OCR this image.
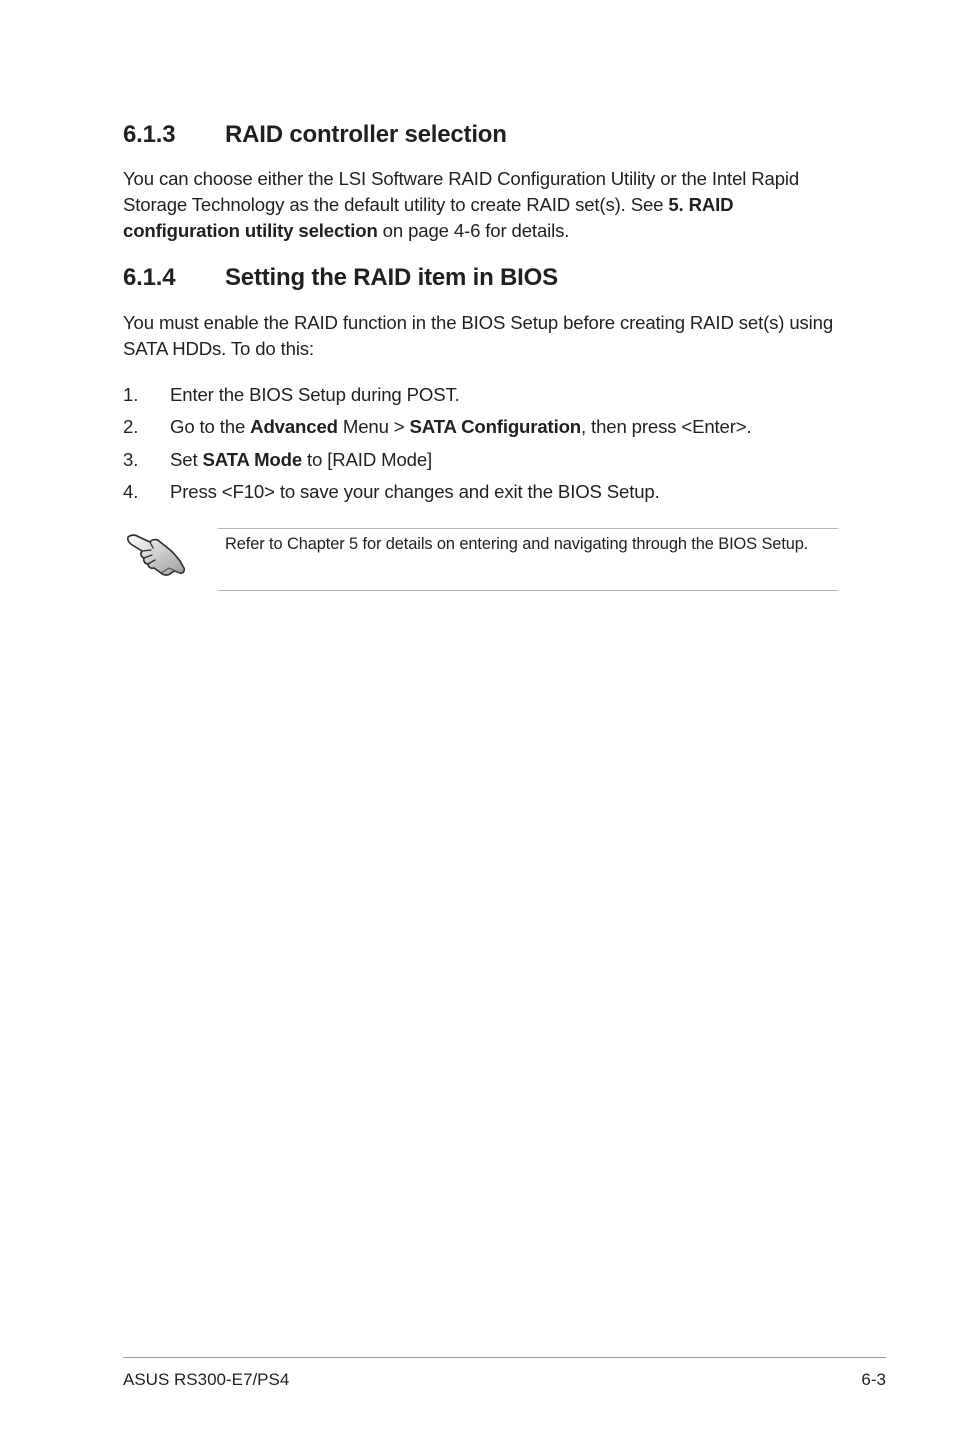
6.1.3 RAID controller selection
You can choose either the LSI Software RAID Configuration Utility or the Intel Rapid Storage Technology as the default utility to create RAID set(s). See 5. RAID configuration utility selection on page 4-6 for details.
6.1.4 Setting the RAID item in BIOS
You must enable the RAID function in the BIOS Setup before creating RAID set(s) using SATA HDDs. To do this:
1. Enter the BIOS Setup during POST.
2. Go to the Advanced Menu > SATA Configuration, then press <Enter>.
3. Set SATA Mode to [RAID Mode]
4. Press <F10> to save your changes and exit the BIOS Setup.
Refer to Chapter 5 for details on entering and navigating through the BIOS Setup.
ASUS RS300-E7/PS4	6-3
